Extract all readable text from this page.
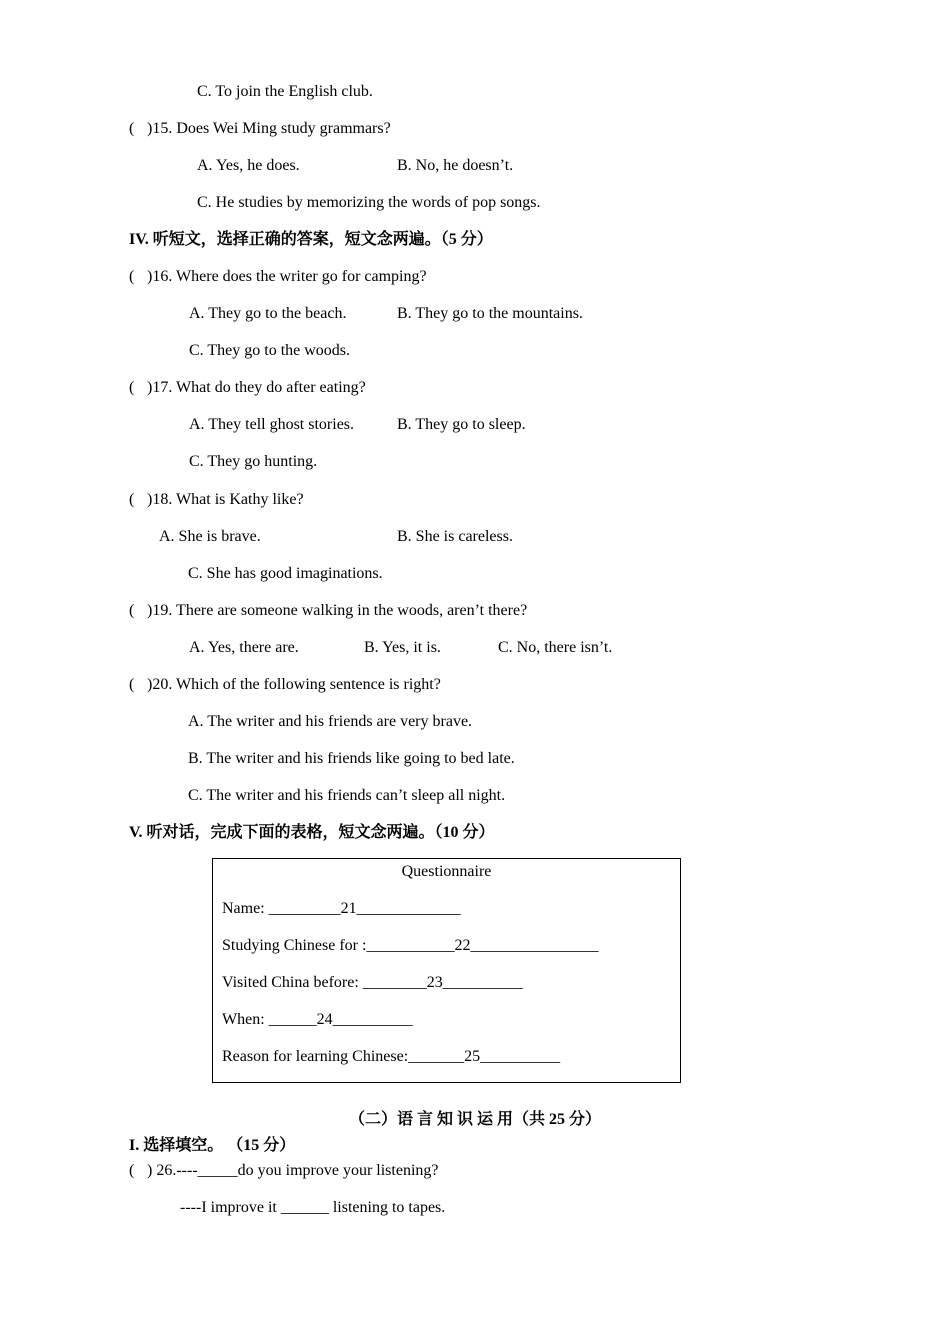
C. To join the English club.
( )15. Does Wei Ming study grammars?
A. Yes, he does.	B. No, he doesn’t.
C. He studies by memorizing the words of pop songs.
IV. 听短文，选择正确的答案，短文念两遍。（5 分）
( )16. Where does the writer go for camping?
A. They go to the beach.	B. They go to the mountains.
C. They go to the woods.
( )17. What do they do after eating?
A. They tell ghost stories.	B. They go to sleep.
C. They go hunting.
( )18. What is Kathy like?
A. She is brave.	B. She is careless.
C. She has good imaginations.
( )19. There are someone walking in the woods, aren’t there?
A. Yes, there are.	B. Yes, it is.	C. No, there isn’t.
( )20. Which of the following sentence is right?
A. The writer and his friends are very brave.
B. The writer and his friends like going to bed late.
C. The writer and his friends can’t sleep all night.
V. 听对话，完成下面的表格，短文念两遍。（10 分）
Questionnaire
Name: _________21_____________
Studying Chinese for :___________22________________
Visited China before: ________23__________
When: ______24__________
Reason for learning Chinese:_______25__________
（二）语 言 知 识 运 用（共 25 分）
I. 选择填空。 （15 分）
( ) 26.----_____do you improve your listening?
----I improve it ______ listening to tapes.
